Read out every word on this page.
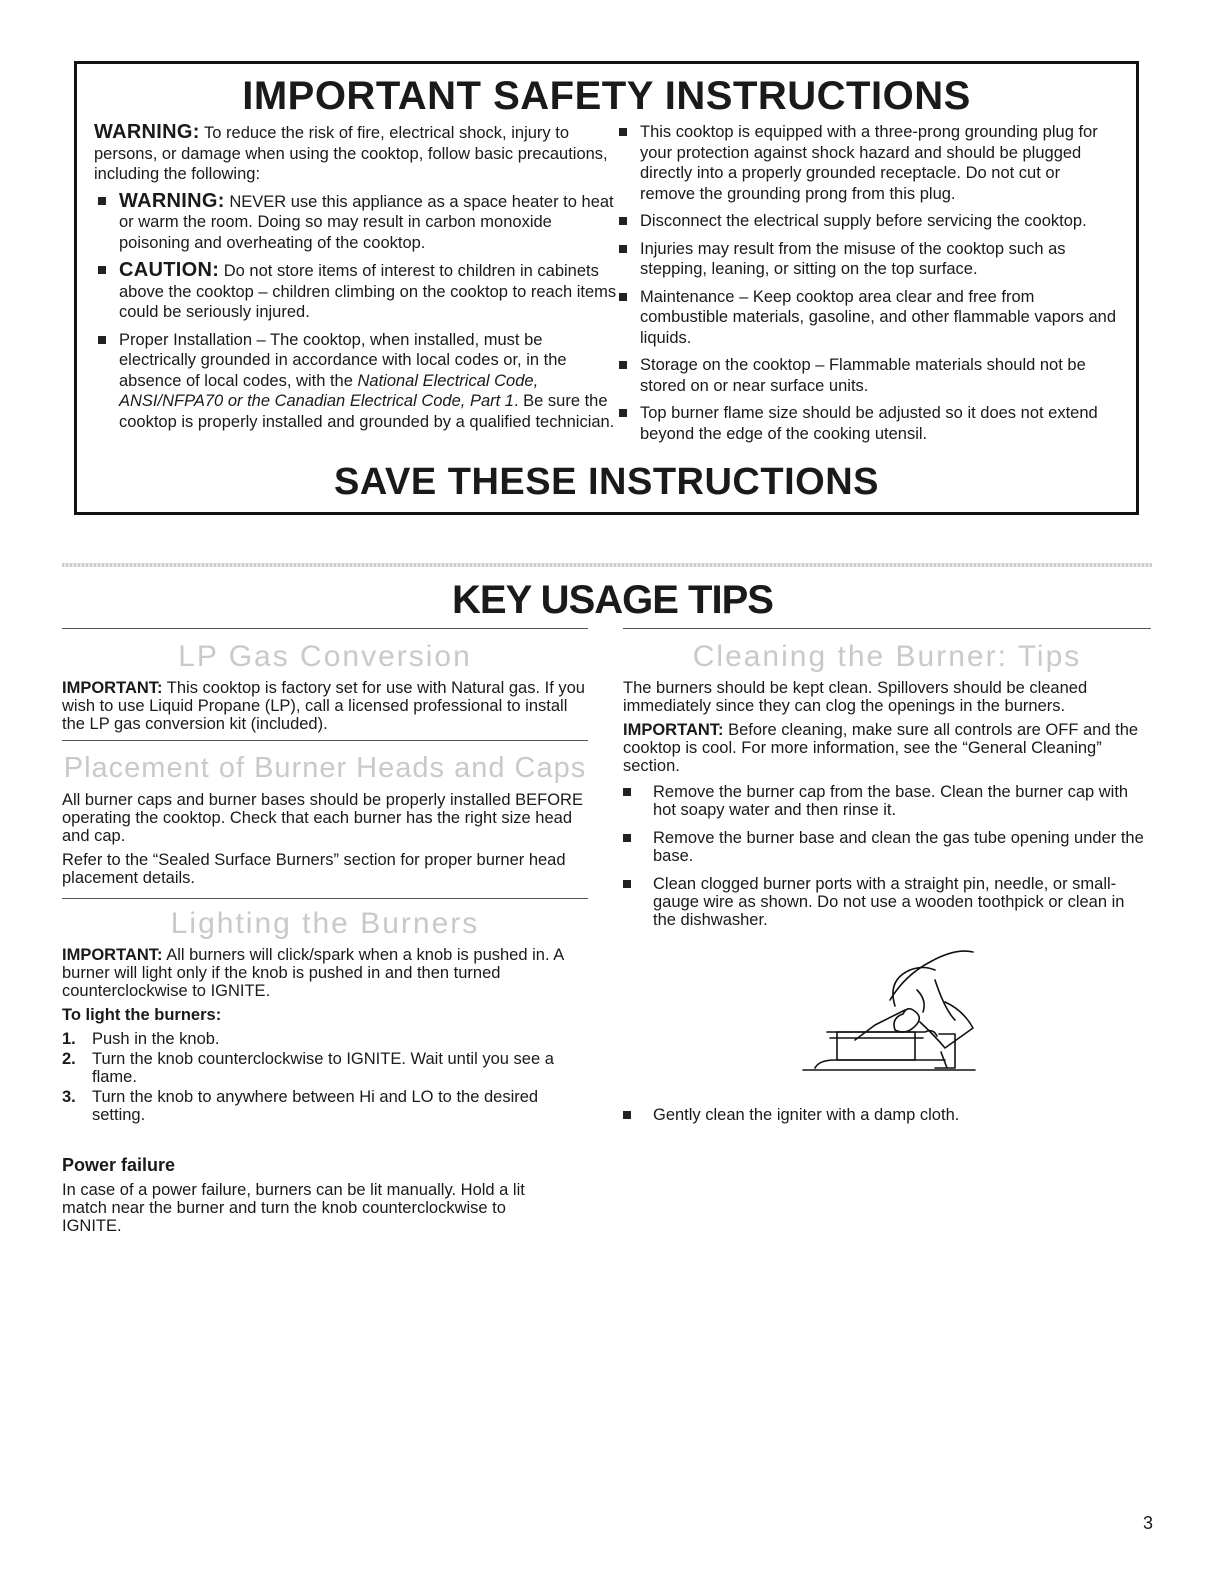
IMPORTANT SAFETY INSTRUCTIONS

WARNING: To reduce the risk of fire, electrical shock, injury to persons, or damage when using the cooktop, follow basic precautions, including the following:

WARNING: NEVER use this appliance as a space heater to heat or warm the room. Doing so may result in carbon monoxide poisoning and overheating of the cooktop.
CAUTION: Do not store items of interest to children in cabinets above the cooktop – children climbing on the cooktop to reach items could be seriously injured.
Proper Installation – The cooktop, when installed, must be electrically grounded in accordance with local codes or, in the absence of local codes, with the National Electrical Code, ANSI/NFPA70 or the Canadian Electrical Code, Part 1. Be sure the cooktop is properly installed and grounded by a qualified technician.
This cooktop is equipped with a three-prong grounding plug for your protection against shock hazard and should be plugged directly into a properly grounded receptacle. Do not cut or remove the grounding prong from this plug.
Disconnect the electrical supply before servicing the cooktop.
Injuries may result from the misuse of the cooktop such as stepping, leaning, or sitting on the top surface.
Maintenance – Keep cooktop area clear and free from combustible materials, gasoline, and other flammable vapors and liquids.
Storage on the cooktop – Flammable materials should not be stored on or near surface units.
Top burner flame size should be adjusted so it does not extend beyond the edge of the cooking utensil.
SAVE THESE INSTRUCTIONS
KEY USAGE TIPS
LP Gas Conversion

IMPORTANT: This cooktop is factory set for use with Natural gas. If you wish to use Liquid Propane (LP), call a licensed professional to install the LP gas conversion kit (included).

Placement of Burner Heads and Caps

All burner caps and burner bases should be properly installed BEFORE operating the cooktop. Check that each burner has the right size head and cap.

Refer to the “Sealed Surface Burners” section for proper burner head placement details.

Lighting the Burners

IMPORTANT: All burners will click/spark when a knob is pushed in. A burner will light only if the knob is pushed in and then turned counterclockwise to IGNITE.

To light the burners:

1. Push in the knob.
2. Turn the knob counterclockwise to IGNITE. Wait until you see a flame.
3. Turn the knob to anywhere between Hi and LO to the desired setting.
Power failure

In case of a power failure, burners can be lit manually. Hold a lit match near the burner and turn the knob counterclockwise to IGNITE.

Cleaning the Burner: Tips

The burners should be kept clean. Spillovers should be cleaned immediately since they can clog the openings in the burners.

IMPORTANT: Before cleaning, make sure all controls are OFF and the cooktop is cool. For more information, see the “General Cleaning” section.

Remove the burner cap from the base. Clean the burner cap with hot soapy water and then rinse it.
Remove the burner base and clean the gas tube opening under the base.
Clean clogged burner ports with a straight pin, needle, or small-gauge wire as shown. Do not use a wooden toothpick or clean in the dishwasher.
Gently clean the igniter with a damp cloth.
3
